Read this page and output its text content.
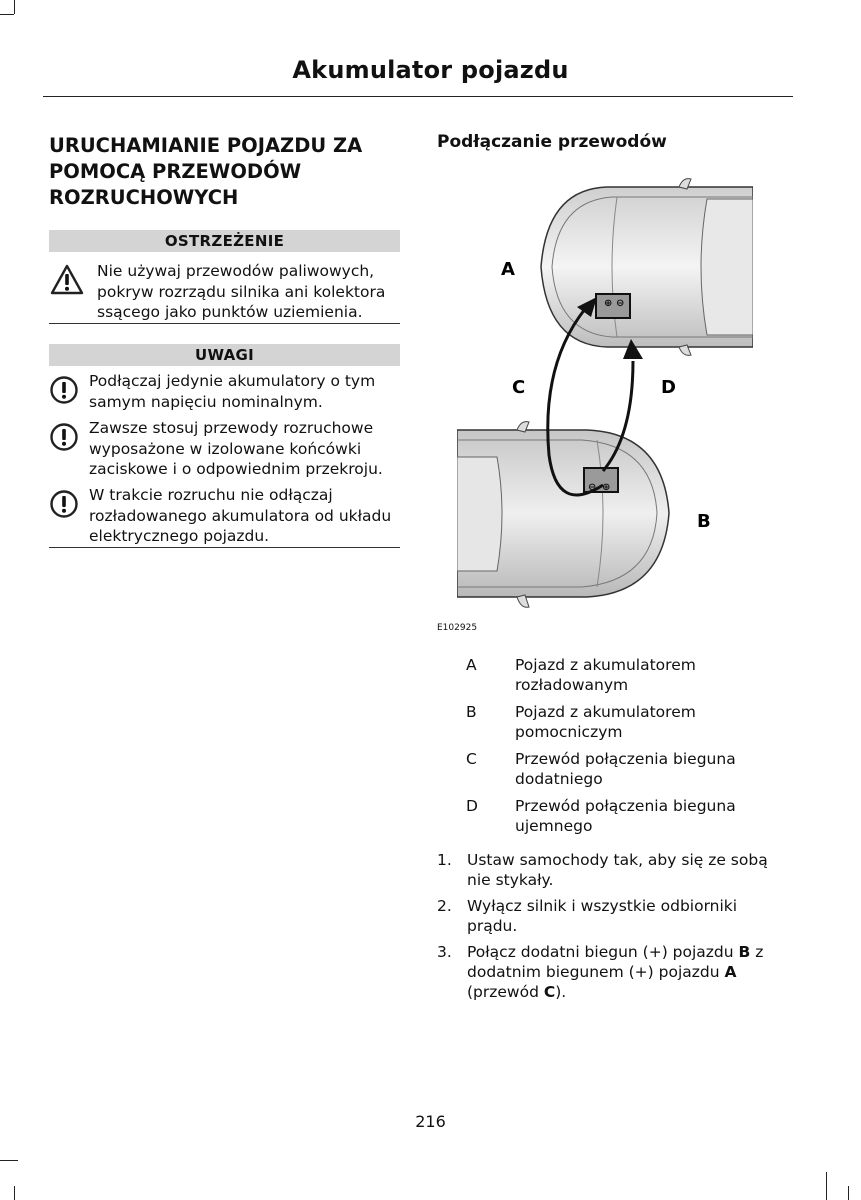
Akumulator pojazdu
URUCHAMIANIE POJAZDU ZA POMOCĄ PRZEWODÓW ROZRUCHOWYCH
OSTRZEŻENIE
Nie używaj przewodów paliwowych, pokryw rozrządu silnika ani kolektora ssącego jako punktów uziemienia.
UWAGI
Podłączaj jedynie akumulatory o tym samym napięciu nominalnym.
Zawsze stosuj przewody rozruchowe wyposażone w izolowane końcówki zaciskowe i o odpowiednim przekroju.
W trakcie rozruchu nie odłączaj rozładowanego akumulatora od układu elektrycznego pojazdu.
Podłączanie przewodów
⊕ ⊖
⊖ ⊕
A
C	D
B
E102925
A Pojazd z akumulatorem rozładowanym
B Pojazd z akumulatorem pomocniczym
C Przewód połączenia bieguna dodatniego
D Przewód połączenia bieguna ujemnego
1. Ustaw samochody tak, aby się ze sobą nie stykały.
2. Wyłącz silnik i wszystkie odbiorniki prądu.
3. Połącz dodatni biegun (+) pojazdu B z dodatnim biegunem (+) pojazdu A (przewód C).
216
